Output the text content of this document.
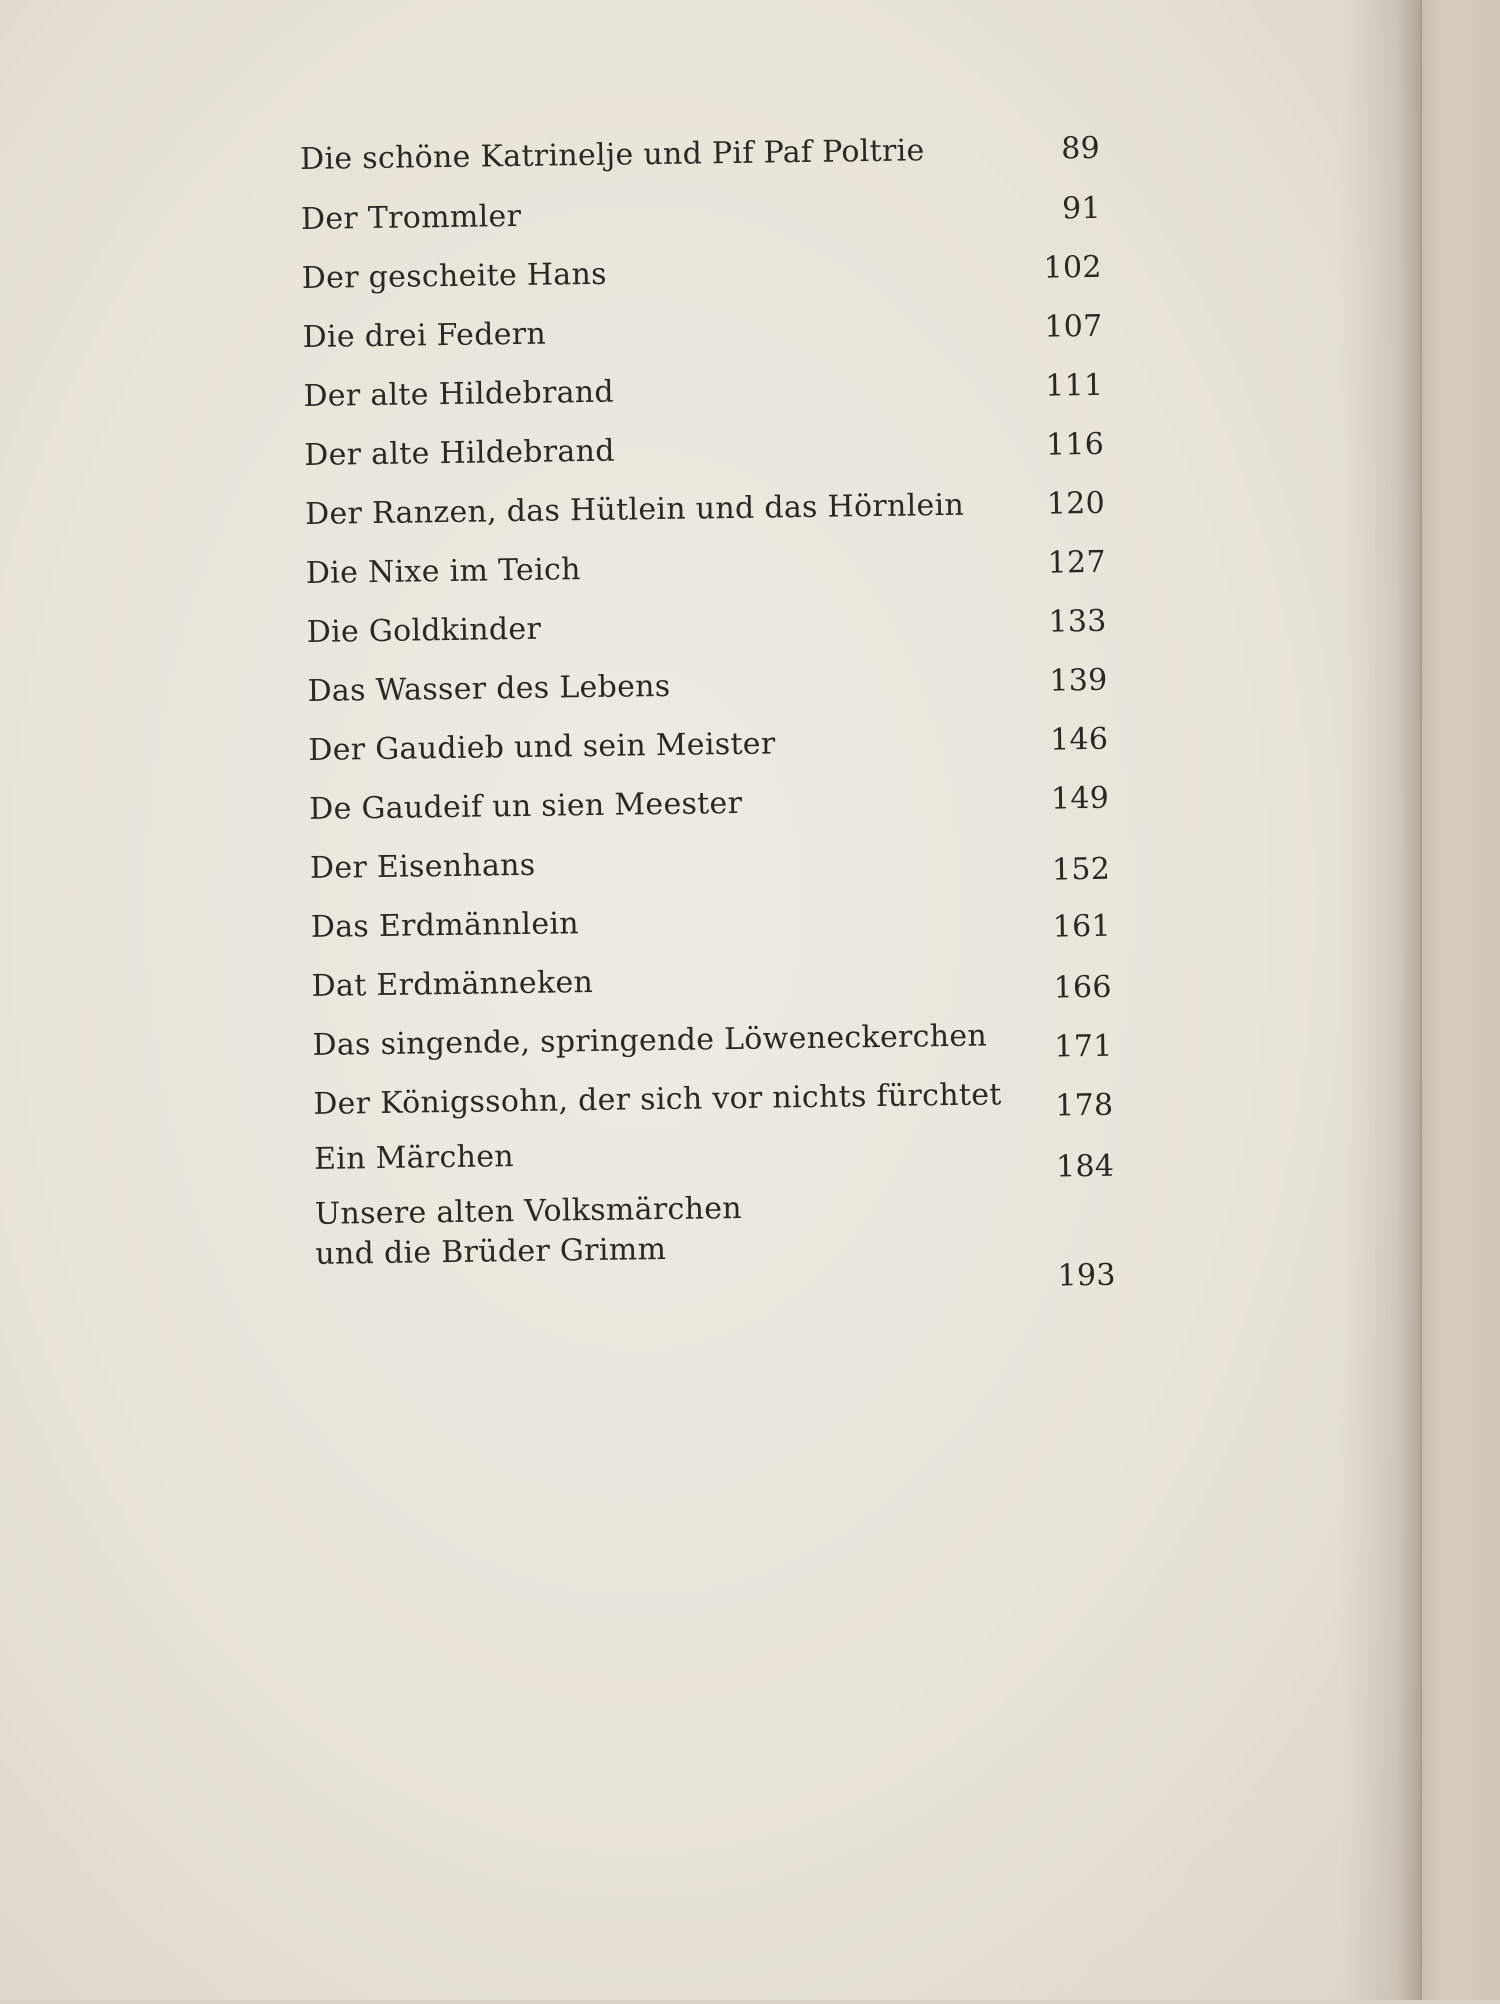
Die schöne Katrinelje und Pif Paf Poltrie	89
Der Trommler	91
Der gescheite Hans	102
Die drei Federn	107
Der alte Hildebrand	111
Der alte Hildebrand	116
Der Ranzen, das Hütlein und das Hörnlein	120
Die Nixe im Teich	127
Die Goldkinder	133
Das Wasser des Lebens	139
Der Gaudieb und sein Meister	146
De Gaudeif un sien Meester	149
Der Eisenhans	152
Das Erdmännlein	161
Dat Erdmänneken	166
Das singende, springende Löweneckerchen 171
Der Königssohn, der sich vor nichts fürchtet 178
Ein Märchen	184
Unsere alten Volksmärchen
und die Brüder Grimm
193
